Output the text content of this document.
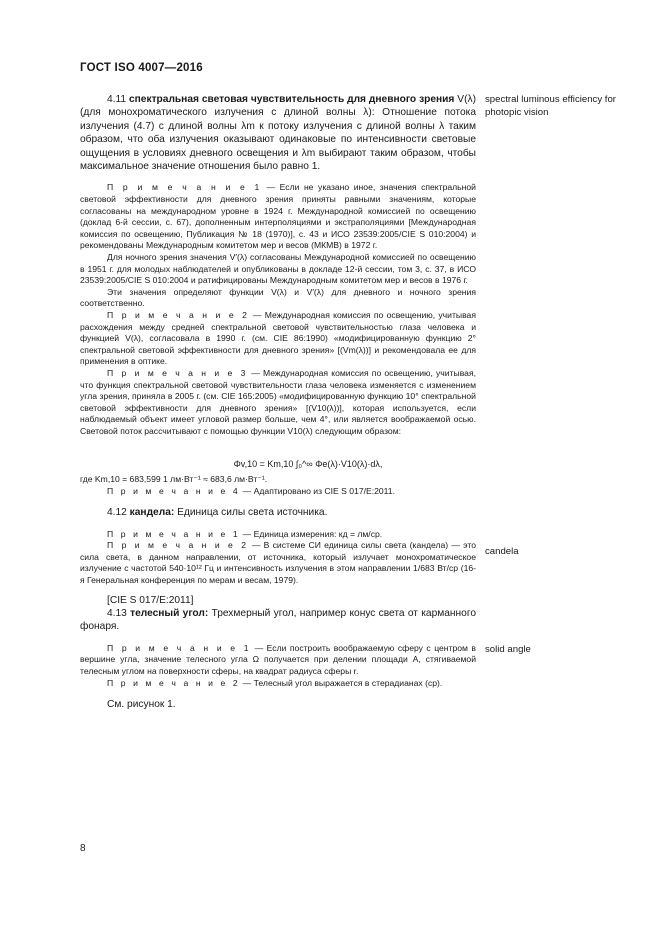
ГОСТ ISO 4007—2016

4.11 спектральная световая чувствительность для дневного зрения V(λ) (для монохроматического излучения с длиной волны λ): Отношение потока излучения (4.7) с длиной волны λm к потоку излучения с длиной волны λ таким образом, что оба излучения оказывают одинаковые по интенсивности световые ощущения в условиях дневного освещения и λm выбирают таким образом, чтобы максимальное значение отношения было равно 1.

П р и м е ч а н и е 1 — Если не указано иное, значения спектральной световой эффективности для дневного зрения приняты равными значениям, которые согласованы на международном уровне в 1924 г. Международной комиссией по освещению (доклад 6-й сессии, с. 67), дополненным интерполяциями и экстраполяциями [Международная комиссия по освещению, Публикация № 18 (1970)], с. 43 и ИСО 23539:2005/CIE S 010:2004) и рекомендованы Международным комитетом мер и весов (МКМВ) в 1972 г.

Для ночного зрения значения V′(λ) согласованы Международной комиссией по освещению в 1951 г. для молодых наблюдателей и опубликованы в докладе 12-й сессии, том 3, с. 37, в ИСО 23539:2005/CIE S 010:2004 и ратифицированы Международным комитетом мер и весов в 1976 г.

Эти значения определяют функции V(λ) и V′(λ) для дневного и ночного зрения соответственно.

П р и м е ч а н и е 2 — Международная комиссия по освещению, учитывая расхождения между средней спектральной световой чувствительностью глаза человека и функцией V(λ), согласовала в 1990 г. (см. CIE 86:1990) «модифицированную функцию 2° спектральной световой эффективности для дневного зрения» [(Vm(λ))] и рекомендовала ее для применения в оптике.

П р и м е ч а н и е 3 — Международная комиссия по освещению, учитывая, что функция спектральной световой чувствительности глаза человека изменяется с изменением угла зрения, приняла в 2005 г. (см. CIE 165:2005) «модифицированную функцию 10° спектральной световой эффективности для дневного зрения» [(V10(λ))], которая используется, если наблюдаемый объект имеет угловой размер больше, чем 4°, или является воображаемой осью. Световой поток рассчитывают с помощью функции V10(λ) следующим образом:

Φv,10 = Km,10 ∫₀^∞ Φe(λ)·V10(λ)·dλ,

где Km,10 = 683,599 1 лм·Вт⁻¹ ≈ 683,6 лм·Вт⁻¹.

П р и м е ч а н и е 4 — Адаптировано из CIE S 017/E:2011.

4.12 кандела: Единица силы света источника.

П р и м е ч а н и е 1 — Единица измерения: кд = лм/ср.

П р и м е ч а н и е 2 — В системе СИ единица силы света (кандела) — это сила света, в данном направлении, от источника, который излучает монохроматическое излучение с частотой 540·10¹² Гц и интенсивность излучения в этом направлении 1/683 Вт/ср (16-я Генеральная конференция по мерам и весам, 1979).

[CIE S 017/E:2011]

4.13 телесный угол: Трехмерный угол, например конус света от карманного фонаря.

П р и м е ч а н и е 1 — Если построить воображаемую сферу с центром в вершине угла, значение телесного угла Ω получается при делении площади A, стягиваемой телесным углом на поверхности сферы, на квадрат радиуса сферы r.

П р и м е ч а н и е 2 — Телесный угол выражается в стерадианах (ср).

См. рисунок 1.

spectral luminous efficiency for photopic vision
candela
solid angle
8
